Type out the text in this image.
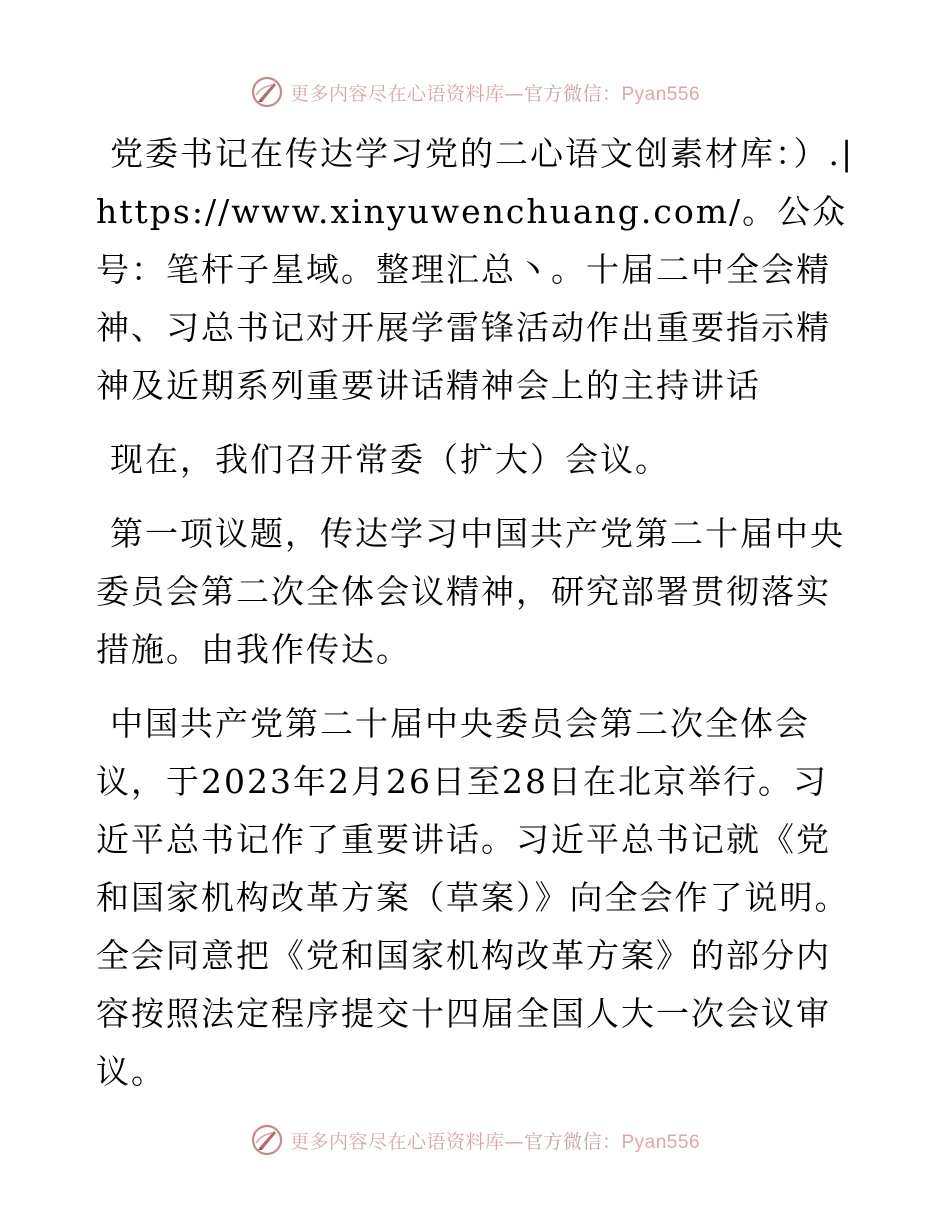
更多内容尽在心语资料库—官方微信：Pyan556

党委书记在传达学习党的二心语文创素材库：）.|https://www.xinyuwenchuang.com/。公众号：笔杆子星域。整理汇总丶。十届二中全会精神、习总书记对开展学雷锋活动作出重要指示精神及近期系列重要讲话精神会上的主持讲话

现在，我们召开常委（扩大）会议。

第一项议题，传达学习中国共产党第二十届中央委员会第二次全体会议精神，研究部署贯彻落实措施。由我作传达。

中国共产党第二十届中央委员会第二次全体会议，于2023年2月26日至28日在北京举行。习近平总书记作了重要讲话。习近平总书记就《党和国家机构改革方案（草案）》向全会作了说明。全会同意把《党和国家机构改革方案》的部分内容按照法定程序提交十四届全国人大一次会议审议。

更多内容尽在心语资料库—官方微信：Pyan556
